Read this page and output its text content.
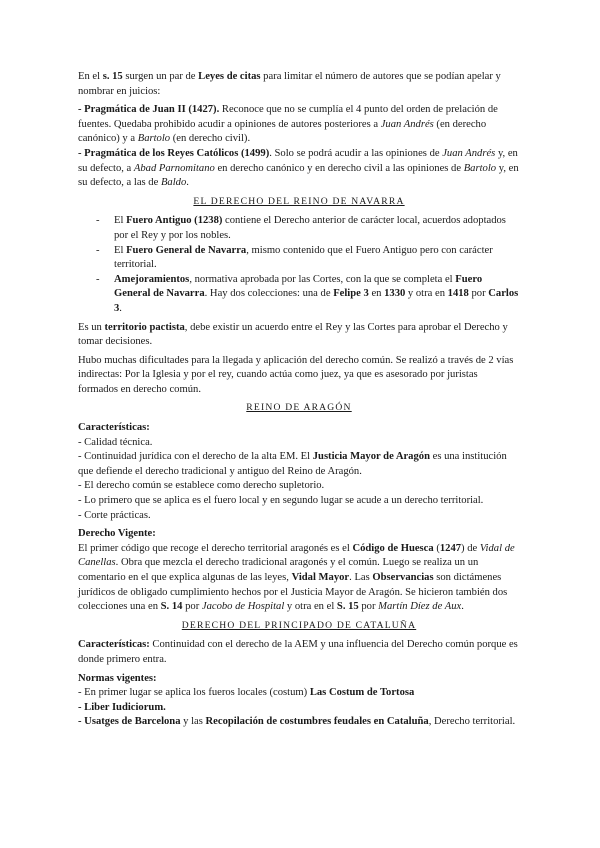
En el s. 15 surgen un par de Leyes de citas para limitar el número de autores que se podían apelar y nombrar en juicios:

- Pragmática de Juan II (1427). Reconoce que no se cumplía el 4 punto del orden de prelación de fuentes. Quedaba prohibido acudir a opiniones de autores posteriores a Juan Andrés (en derecho canónico) y a Bartolo (en derecho civil).

- Pragmática de los Reyes Católicos (1499). Solo se podrá acudir a las opiniones de Juan Andrés y, en su defecto, a Abad Parnomitano en derecho canónico y en derecho civil a las opiniones de Bartolo y, en su defecto, a las de Baldo.

EL DERECHO DEL REINO DE NAVARRA
- El Fuero Antiguo (1238) contiene el Derecho anterior de carácter local, acuerdos adoptados por el Rey y por los nobles.
- El Fuero General de Navarra, mismo contenido que el Fuero Antiguo pero con carácter territorial.
- Amejoramientos, normativa aprobada por las Cortes, con la que se completa el Fuero General de Navarra. Hay dos colecciones: una de Felipe 3 en 1330 y otra en 1418 por Carlos 3.

Es un territorio pactista, debe existir un acuerdo entre el Rey y las Cortes para aprobar el Derecho y tomar decisiones.

Hubo muchas dificultades para la llegada y aplicación del derecho común. Se realizó a través de 2 vías indirectas: Por la Iglesia y por el rey, cuando actúa como juez, ya que es asesorado por juristas formados en derecho común.

REINO DE ARAGÓN
Características:
- Calidad técnica.
- Continuidad jurídica con el derecho de la alta EM. El Justicia Mayor de Aragón es una institución que defiende el derecho tradicional y antiguo del Reino de Aragón.
- El derecho común se establece como derecho supletorio.
- Lo primero que se aplica es el fuero local y en segundo lugar se acude a un derecho territorial.
- Corte prácticas.
Derecho Vigente:

El primer código que recoge el derecho territorial aragonés es el Código de Huesca (1247) de Vidal de Canellas. Obra que mezcla el derecho tradicional aragonés y el común. Luego se realiza un un comentario en el que explica algunas de las leyes, Vidal Mayor. Las Observancias son dictámenes jurídicos de obligado cumplimiento hechos por el Justicia Mayor de Aragón. Se hicieron también dos colecciones una en S. 14 por Jacobo de Hospital y otra en el S. 15 por Martín Díez de Aux.

DERECHO DEL PRINCIPADO DE CATALUÑA

Características: Continuidad con el derecho de la AEM y una influencia del Derecho común porque es donde primero entra.

Normas vigentes:
- En primer lugar se aplica los fueros locales (costum) Las Costum de Tortosa
- Liber Iudiciorum.
- Usatges de Barcelona y las Recopilación de costumbres feudales en Cataluña, Derecho territorial.
